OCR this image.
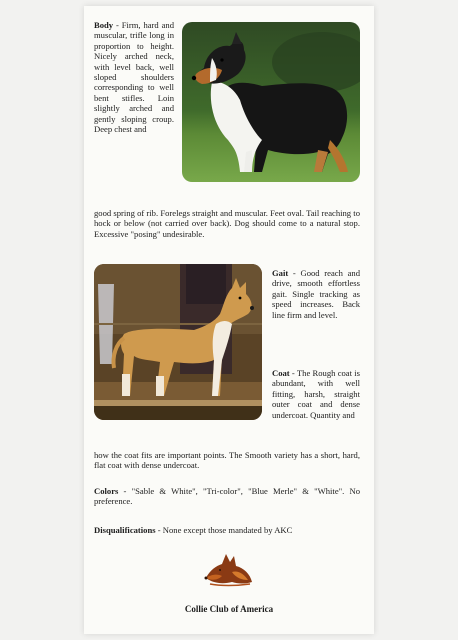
Body - Firm, hard and muscular, trifle long in proportion to height. Nicely arched neck, with level back, well sloped shoulders corresponding to well bent stifles. Loin slightly arched and gently sloping croup. Deep chest and

good spring of rib. Forelegs straight and muscular. Feet oval. Tail reaching to hock or below (not carried over back). Dog should come to a natural stop. Excessive "posing" undesirable.

Gait - Good reach and drive, smooth effortless gait. Single tracking as speed increases. Back line firm and level.

Coat - The Rough coat is abundant, with well fitting, harsh, straight outer coat and dense undercoat. Quantity and

how the coat fits are important points. The Smooth variety has a short, hard, flat coat with dense undercoat.

Colors - "Sable & White", "Tri-color", "Blue Merle" & "White". No preference.

Disqualifications - None except those mandated by AKC

Collie Club of America
